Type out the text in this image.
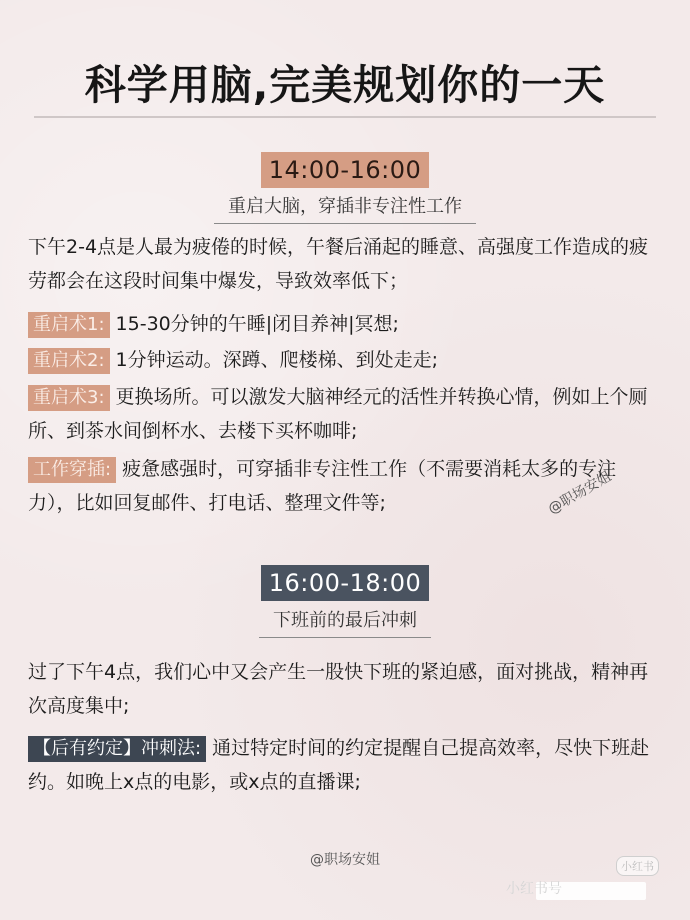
科学用脑,完美规划你的一天
14:00-16:00
重启大脑，穿插非专注性工作
下午2-4点是人最为疲倦的时候，午餐后涌起的睡意、高强度工作造成的疲劳都会在这段时间集中爆发，导致效率低下；
重启术1: 15-30分钟的午睡|闭目养神|冥想;
重启术2: 1分钟运动。深蹲、爬楼梯、到处走走;
重启术3: 更换场所。可以激发大脑神经元的活性并转换心情，例如上个厕所、到茶水间倒杯水、去楼下买杯咖啡;
工作穿插: 疲惫感强时，可穿插非专注性工作（不需要消耗太多的专注力），比如回复邮件、打电话、整理文件等;	@职场安姐
16:00-18:00
下班前的最后冲刺
过了下午4点，我们心中又会产生一股快下班的紧迫感，面对挑战，精神再次高度集中;
【后有约定】冲刺法: 通过特定时间的约定提醒自己提高效率，尽快下班赴约。如晚上x点的电影，或x点的直播课;
@职场安姐
小红书号
小红书
